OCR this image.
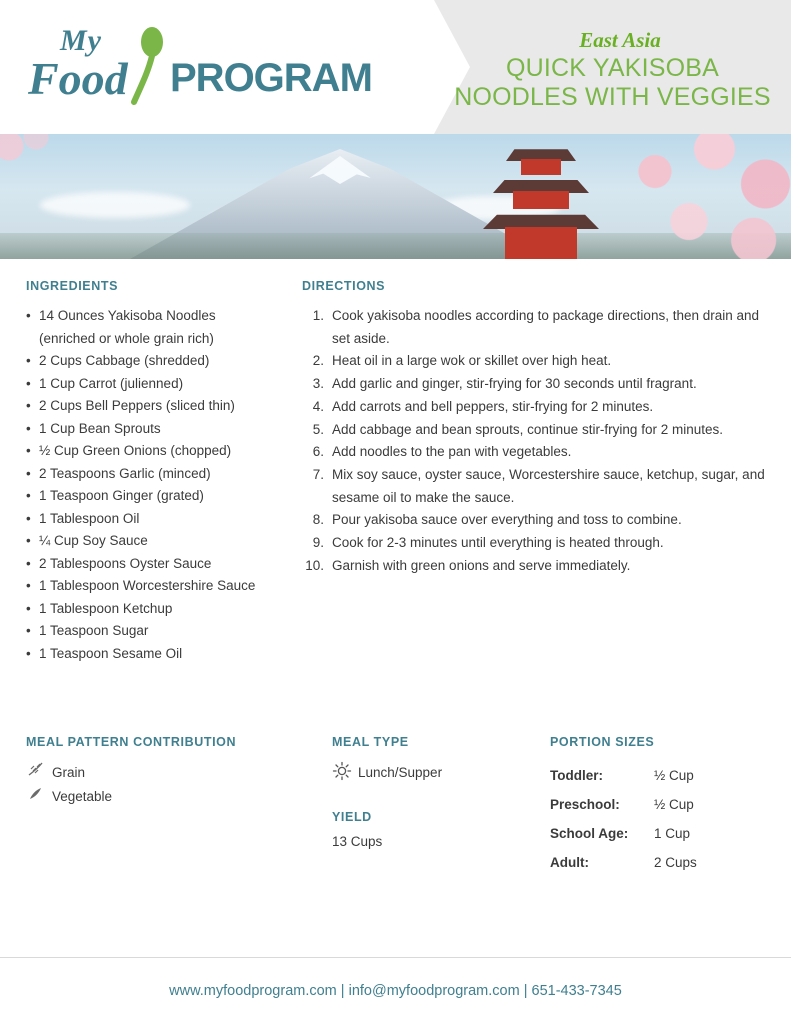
My
Food PROGRAM
East Asia
QUICK YAKISOBA
NOODLES WITH VEGGIES
INGREDIENTS
• 14 Ounces Yakisoba Noodles (enriched or whole grain rich)
• 2 Cups Cabbage (shredded)
• 1 Cup Carrot (julienned)
• 2 Cups Bell Peppers (sliced thin)
• 1 Cup Bean Sprouts
• ½ Cup Green Onions (chopped)
• 2 Teaspoons Garlic (minced)
• 1 Teaspoon Ginger (grated)
• 1 Tablespoon Oil
• ¼ Cup Soy Sauce
• 2 Tablespoons Oyster Sauce
• 1 Tablespoon Worcestershire Sauce
• 1 Tablespoon Ketchup
• 1 Teaspoon Sugar
• 1 Teaspoon Sesame Oil
DIRECTIONS
Cook yakisoba noodles according to package directions, then drain and set aside.
Heat oil in a large wok or skillet over high heat.
Add garlic and ginger, stir-frying for 30 seconds until fragrant.
Add carrots and bell peppers, stir-frying for 2 minutes.
Add cabbage and bean sprouts, continue stir-frying for 2 minutes.
Add noodles to the pan with vegetables.
Mix soy sauce, oyster sauce, Worcestershire sauce, ketchup, sugar, and sesame oil to make the sauce.
Pour yakisoba sauce over everything and toss to combine.
Cook for 2-3 minutes until everything is heated through.
Garnish with green onions and serve immediately.
MEAL PATTERN CONTRIBUTION
Grain
Vegetable
MEAL TYPE
Lunch/Supper
YIELD
13 Cups
PORTION SIZES
Toddler:	½ Cup
Preschool:	½ Cup
School Age:	1 Cup
Adult:	2 Cups
www.myfoodprogram.com | info@myfoodprogram.com | 651-433-7345
